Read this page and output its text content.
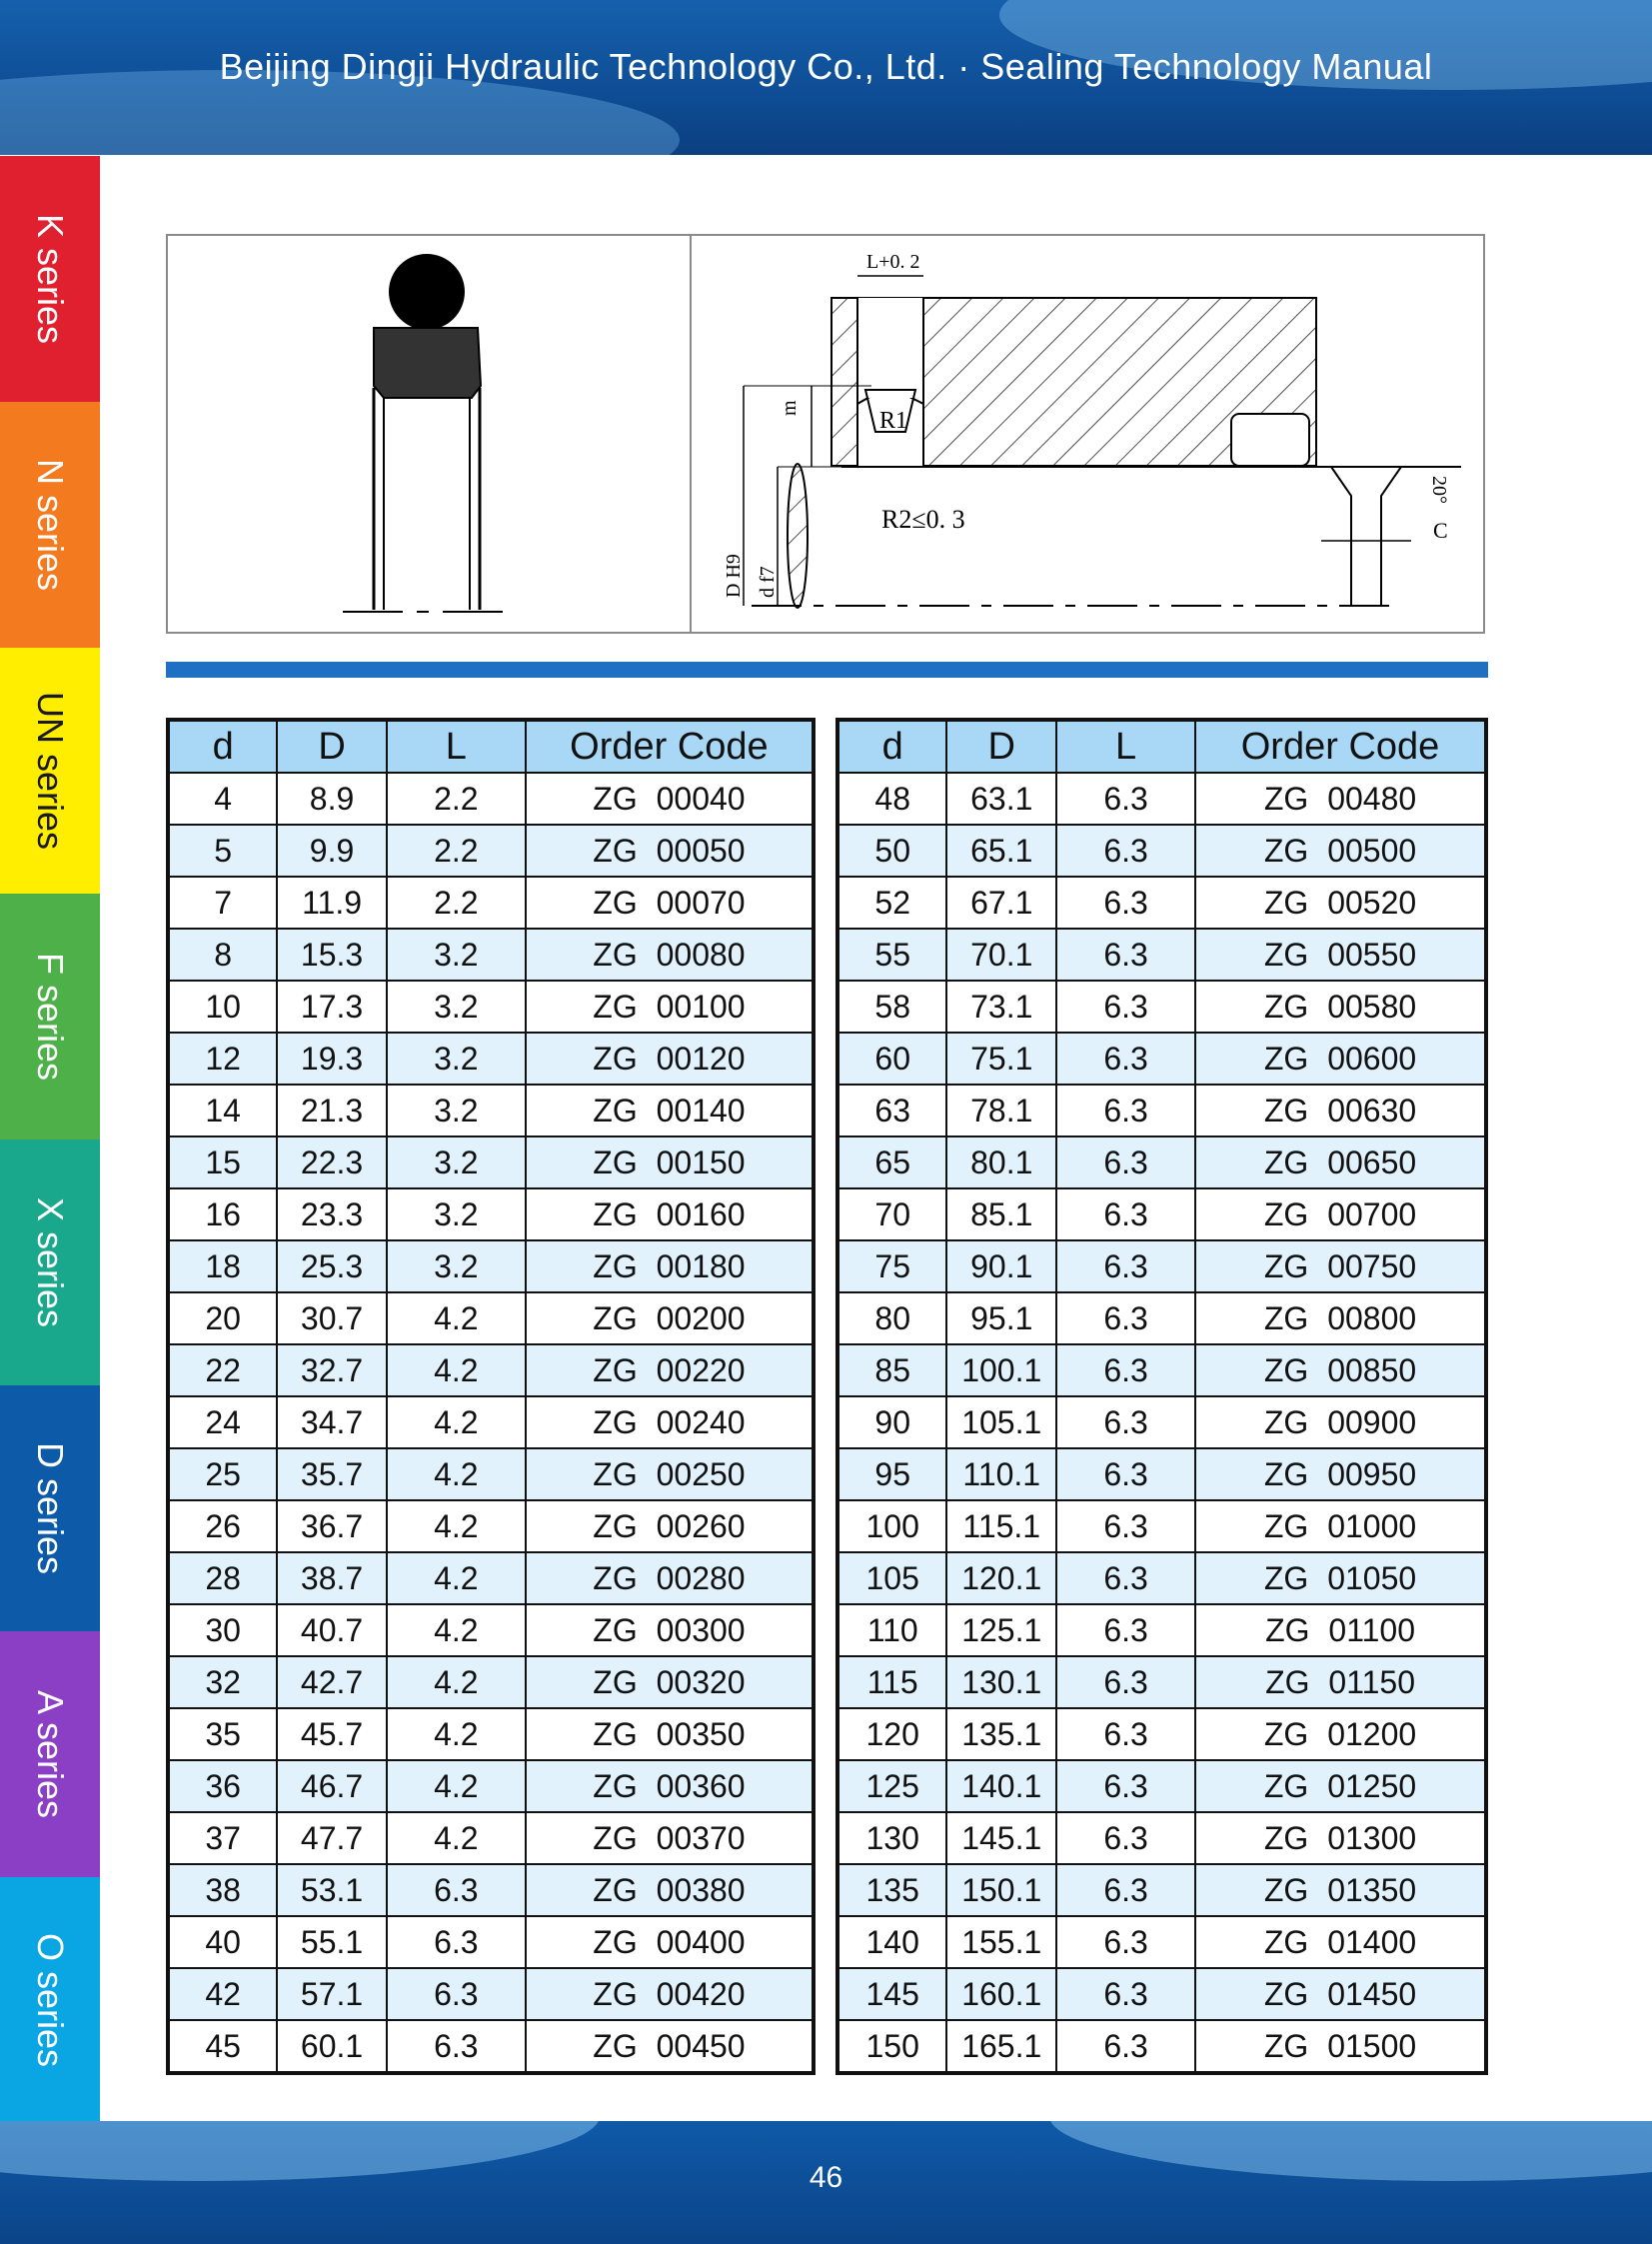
Beijing Dingji Hydraulic Technology Co., Ltd. · Sealing Technology Manual
K series
N series
UN series
F series
X series
D series
A series
O series
L+0. 2
R1
R2≤0. 3
20°
C
m
D H9 d f7
d	D	L	Order Code
4	8.9	2.2	ZG 00040
5	9.9	2.2	ZG 00050
7	11.9	2.2	ZG 00070
8	15.3	3.2	ZG 00080
10	17.3	3.2	ZG 00100
12	19.3	3.2	ZG 00120
14	21.3	3.2	ZG 00140
15	22.3	3.2	ZG 00150
16	23.3	3.2	ZG 00160
18	25.3	3.2	ZG 00180
20	30.7	4.2	ZG 00200
22	32.7	4.2	ZG 00220
24	34.7	4.2	ZG 00240
25	35.7	4.2	ZG 00250
26	36.7	4.2	ZG 00260
28	38.7	4.2	ZG 00280
30	40.7	4.2	ZG 00300
32	42.7	4.2	ZG 00320
35	45.7	4.2	ZG 00350
36	46.7	4.2	ZG 00360
37	47.7	4.2	ZG 00370
38	53.1	6.3	ZG 00380
40	55.1	6.3	ZG 00400
42	57.1	6.3	ZG 00420
45	60.1	6.3	ZG 00450
d	D	L	Order Code
48	63.1	6.3	ZG 00480
50	65.1	6.3	ZG 00500
52	67.1	6.3	ZG 00520
55	70.1	6.3	ZG 00550
58	73.1	6.3	ZG 00580
60	75.1	6.3	ZG 00600
63	78.1	6.3	ZG 00630
65	80.1	6.3	ZG 00650
70	85.1	6.3	ZG 00700
75	90.1	6.3	ZG 00750
80	95.1	6.3	ZG 00800
85	100.1	6.3	ZG 00850
90	105.1	6.3	ZG 00900
95	110.1	6.3	ZG 00950
100	115.1	6.3	ZG 01000
105	120.1	6.3	ZG 01050
110	125.1	6.3	ZG 01100
115	130.1	6.3	ZG 01150
120	135.1	6.3	ZG 01200
125	140.1	6.3	ZG 01250
130	145.1	6.3	ZG 01300
135	150.1	6.3	ZG 01350
140	155.1	6.3	ZG 01400
145	160.1	6.3	ZG 01450
150	165.1	6.3	ZG 01500
46
